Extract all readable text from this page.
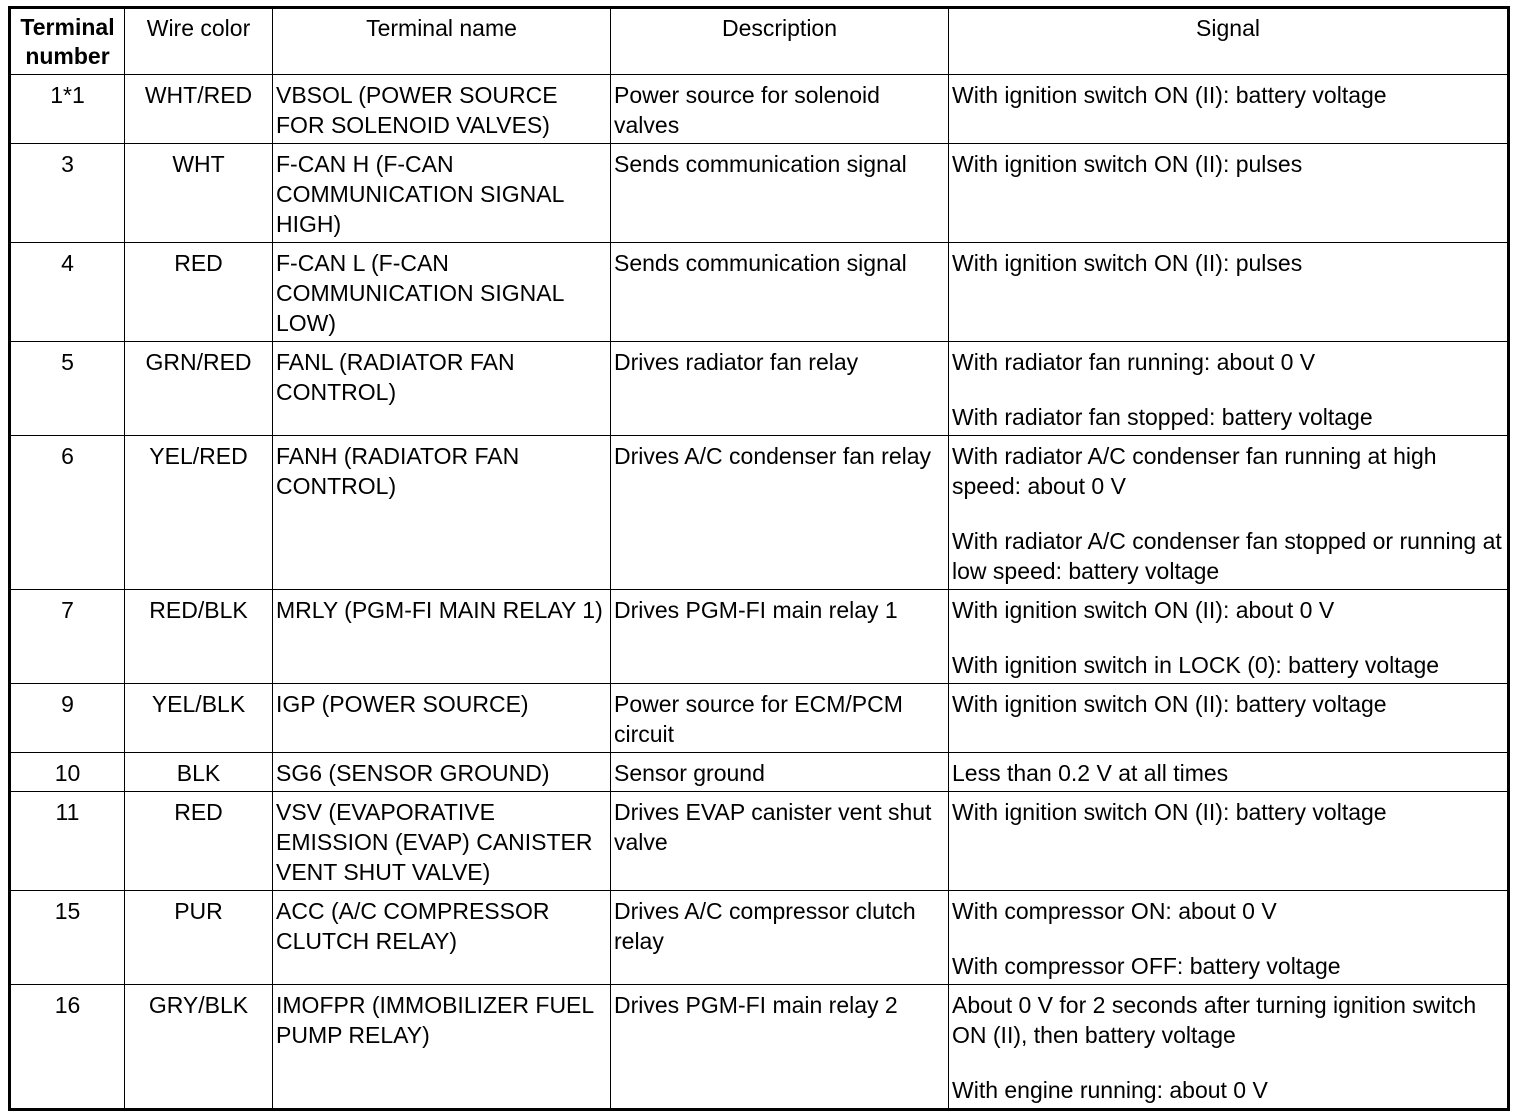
Terminal number	Wire color	Terminal name	Description	Signal
1*1	WHT/RED	VBSOL (POWER SOURCE FOR SOLENOID VALVES)	Power source for solenoid valves	With ignition switch ON (II): battery voltage

3	WHT	F-CAN H (F-CAN COMMUNICATION SIGNAL HIGH)	Sends communication signal	With ignition switch ON (II): pulses

4	RED	F-CAN L (F-CAN COMMUNICATION SIGNAL LOW)	Sends communication signal	With ignition switch ON (II): pulses

5	GRN/RED	FANL (RADIATOR FAN CONTROL)	Drives radiator fan relay	With radiator fan running: about 0 V
With radiator fan stopped: battery voltage

6	YEL/RED	FANH (RADIATOR FAN CONTROL)	Drives A/C condenser fan relay	With radiator A/C condenser fan running at high speed: about 0 V
With radiator A/C condenser fan stopped or running at low speed: battery voltage

7	RED/BLK	MRLY (PGM-FI MAIN RELAY 1)	Drives PGM-FI main relay 1	With ignition switch ON (II): about 0 V
With ignition switch in LOCK (0): battery voltage

9	YEL/BLK	IGP (POWER SOURCE)	Power source for ECM/PCM circuit	With ignition switch ON (II): battery voltage

10	BLK	SG6 (SENSOR GROUND)	Sensor ground	Less than 0.2 V at all times

11	RED	VSV (EVAPORATIVE EMISSION (EVAP) CANISTER VENT SHUT VALVE)	Drives EVAP canister vent shut valve	With ignition switch ON (II): battery voltage

15	PUR	ACC (A/C COMPRESSOR CLUTCH RELAY)	Drives A/C compressor clutch relay	With compressor ON: about 0 V
With compressor OFF: battery voltage

16	GRY/BLK	IMOFPR (IMMOBILIZER FUEL PUMP RELAY)	Drives PGM-FI main relay 2	About 0 V for 2 seconds after turning ignition switch ON (II), then battery voltage
With engine running: about 0 V
